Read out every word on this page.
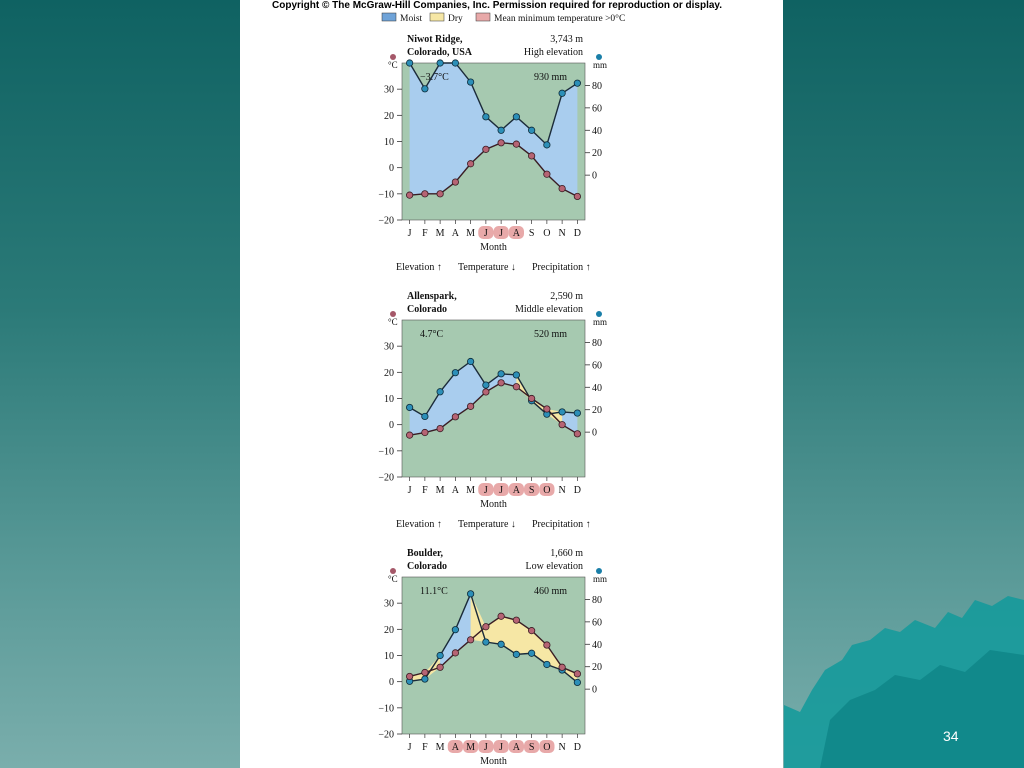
Copyright © The McGraw-Hill Companies, Inc. Permission required for reproduction or display.
Moist	Dry	Mean minimum temperature >0°C
Niwot Ridge,
Colorado, USA
3,743 m
High elevation
°C	mm
30
20
10
0
−10
−20
80
60
40
20
0
−3.7°C	930 mm
J F M A M J J A S O N D
Month
Elevation ↑ Temperature ↓ Precipitation ↑
Allenspark,
Colorado
2,590 m
Middle elevation
°C	mm
30
20
10
0
−10
−20
80
60
40
20
0
4.7°C	520 mm
J F M A M J J A S O N D
Month
Elevation ↑ Temperature ↓ Precipitation ↑
Boulder,
Colorado
1,660 m
Low elevation
°C	mm
30
20
10
0
−10
−20
80
60
40
20
0
11.1°C	460 mm
J F M A M J J A S O N D
Month
34
